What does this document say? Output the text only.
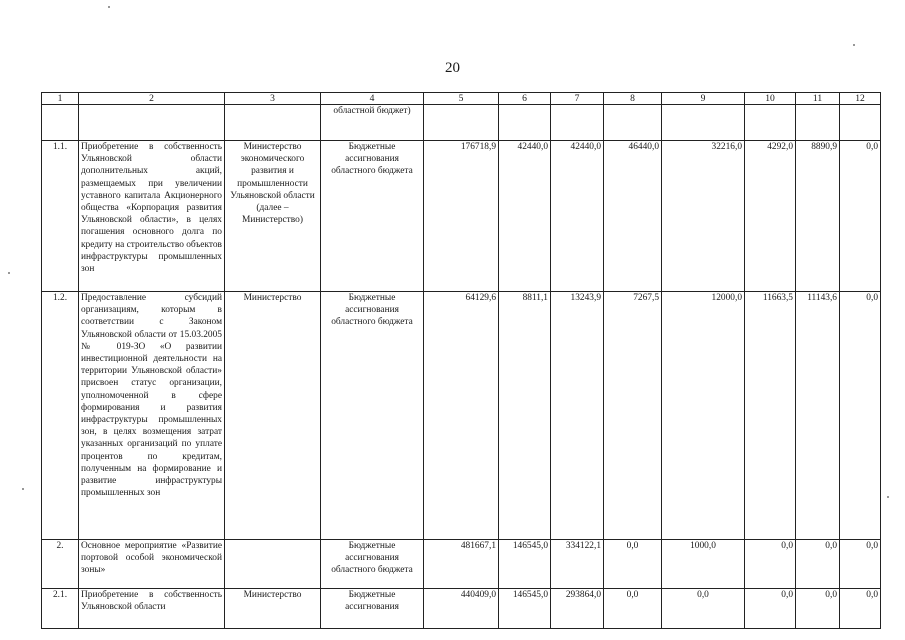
20
1	2	3	4	5	6	7	8	9	10	11	12
			областной бюджет)								
1.1.	Приобретение в собственность Ульяновской области дополнительных акций, размещаемых при увеличении уставного капитала Акционерного общества «Корпорация развития Ульяновской области», в целях погашения основного долга по кредиту на строительство объектов инфраструктуры промышленных зон	Министерство экономического развития и промышленности Ульяновской области (далее – Министерство)	Бюджетные ассигнования областного бюджета	176718,9	42440,0	42440,0	46440,0	32216,0	4292,0	8890,9	0,0
1.2.	Предоставление субсидий организациям, которым в соответствии с Законом Ульяновской области от 15.03.2005 № 019-ЗО «О развитии инвестиционной деятельности на территории Ульяновской области» присвоен статус организации, уполномоченной в сфере формирования и развития инфраструктуры промышленных зон, в целях возмещения затрат указанных организаций по уплате процентов по кредитам, полученным на формирование и развитие инфраструктуры промышленных зон	Министерство	Бюджетные ассигнования областного бюджета	64129,6	8811,1	13243,9	7267,5	12000,0	11663,5	11143,6	0,0
2.	Основное мероприятие «Развитие портовой особой экономической зоны»		Бюджетные ассигнования областного бюджета	481667,1	146545,0	334122,1	0,0	1000,0	0,0	0,0	0,0
2.1.	Приобретение в собственность Ульяновской области	Министерство	Бюджетные ассигнования	440409,0	146545,0	293864,0	0,0	0,0	0,0	0,0	0,0
